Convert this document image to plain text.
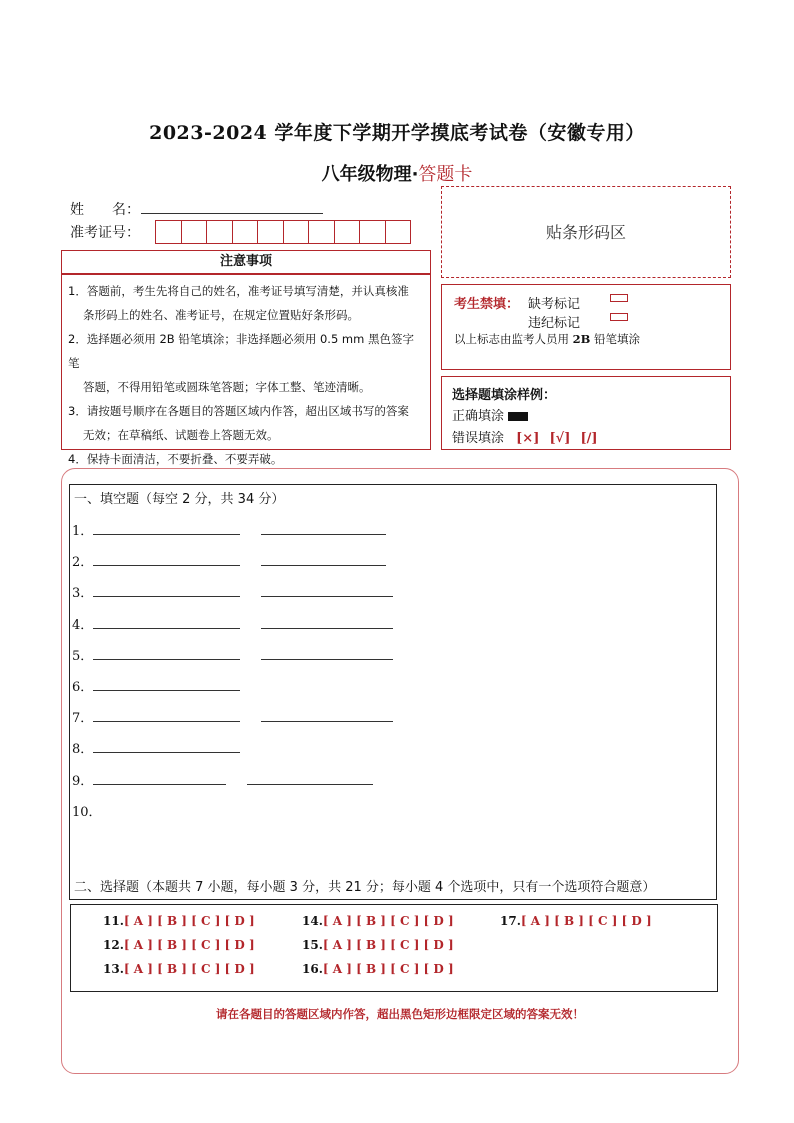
2023-2024 学年度下学期开学摸底考试卷（安徽专用）
八年级物理·答题卡
姓　　名：
准考证号：	贴条形码区
注意事项

1．答题前，考生先将自己的姓名，准考证号填写清楚，并认真核准

条形码上的姓名、准考证号，在规定位置贴好条形码。

2．选择题必须用 2B 铅笔填涂；非选择题必须用 0.5 mm 黑色签字笔

答题，不得用铅笔或圆珠笔答题；字体工整、笔迹清晰。

3．请按题号顺序在各题目的答题区域内作答，超出区域书写的答案

无效；在草稿纸、试题卷上答题无效。

4．保持卡面清洁，不要折叠、不要弄破。

考生禁填： 缺考标记
违纪标记
以上标志由监考人员用 2B 铅笔填涂
选择题填涂样例：
正确填涂
错误填涂 [×] [√] [/]
一、填空题（每空 2 分，共 34 分）
1．
2．
3．
4．
5．
6．
7．
8．
9．
10．
二、选择题（本题共 7 小题，每小题 3 分，共 21 分；每小题 4 个选项中，只有一个选项符合题意）
11.[ A ] [ B ] [ C ] [ D ]
12.[ A ] [ B ] [ C ] [ D ]
13.[ A ] [ B ] [ C ] [ D ]
14.[ A ] [ B ] [ C ] [ D ]
15.[ A ] [ B ] [ C ] [ D ]
16.[ A ] [ B ] [ C ] [ D ]
17.[ A ] [ B ] [ C ] [ D ]
请在各题目的答题区域内作答，超出黑色矩形边框限定区域的答案无效！
